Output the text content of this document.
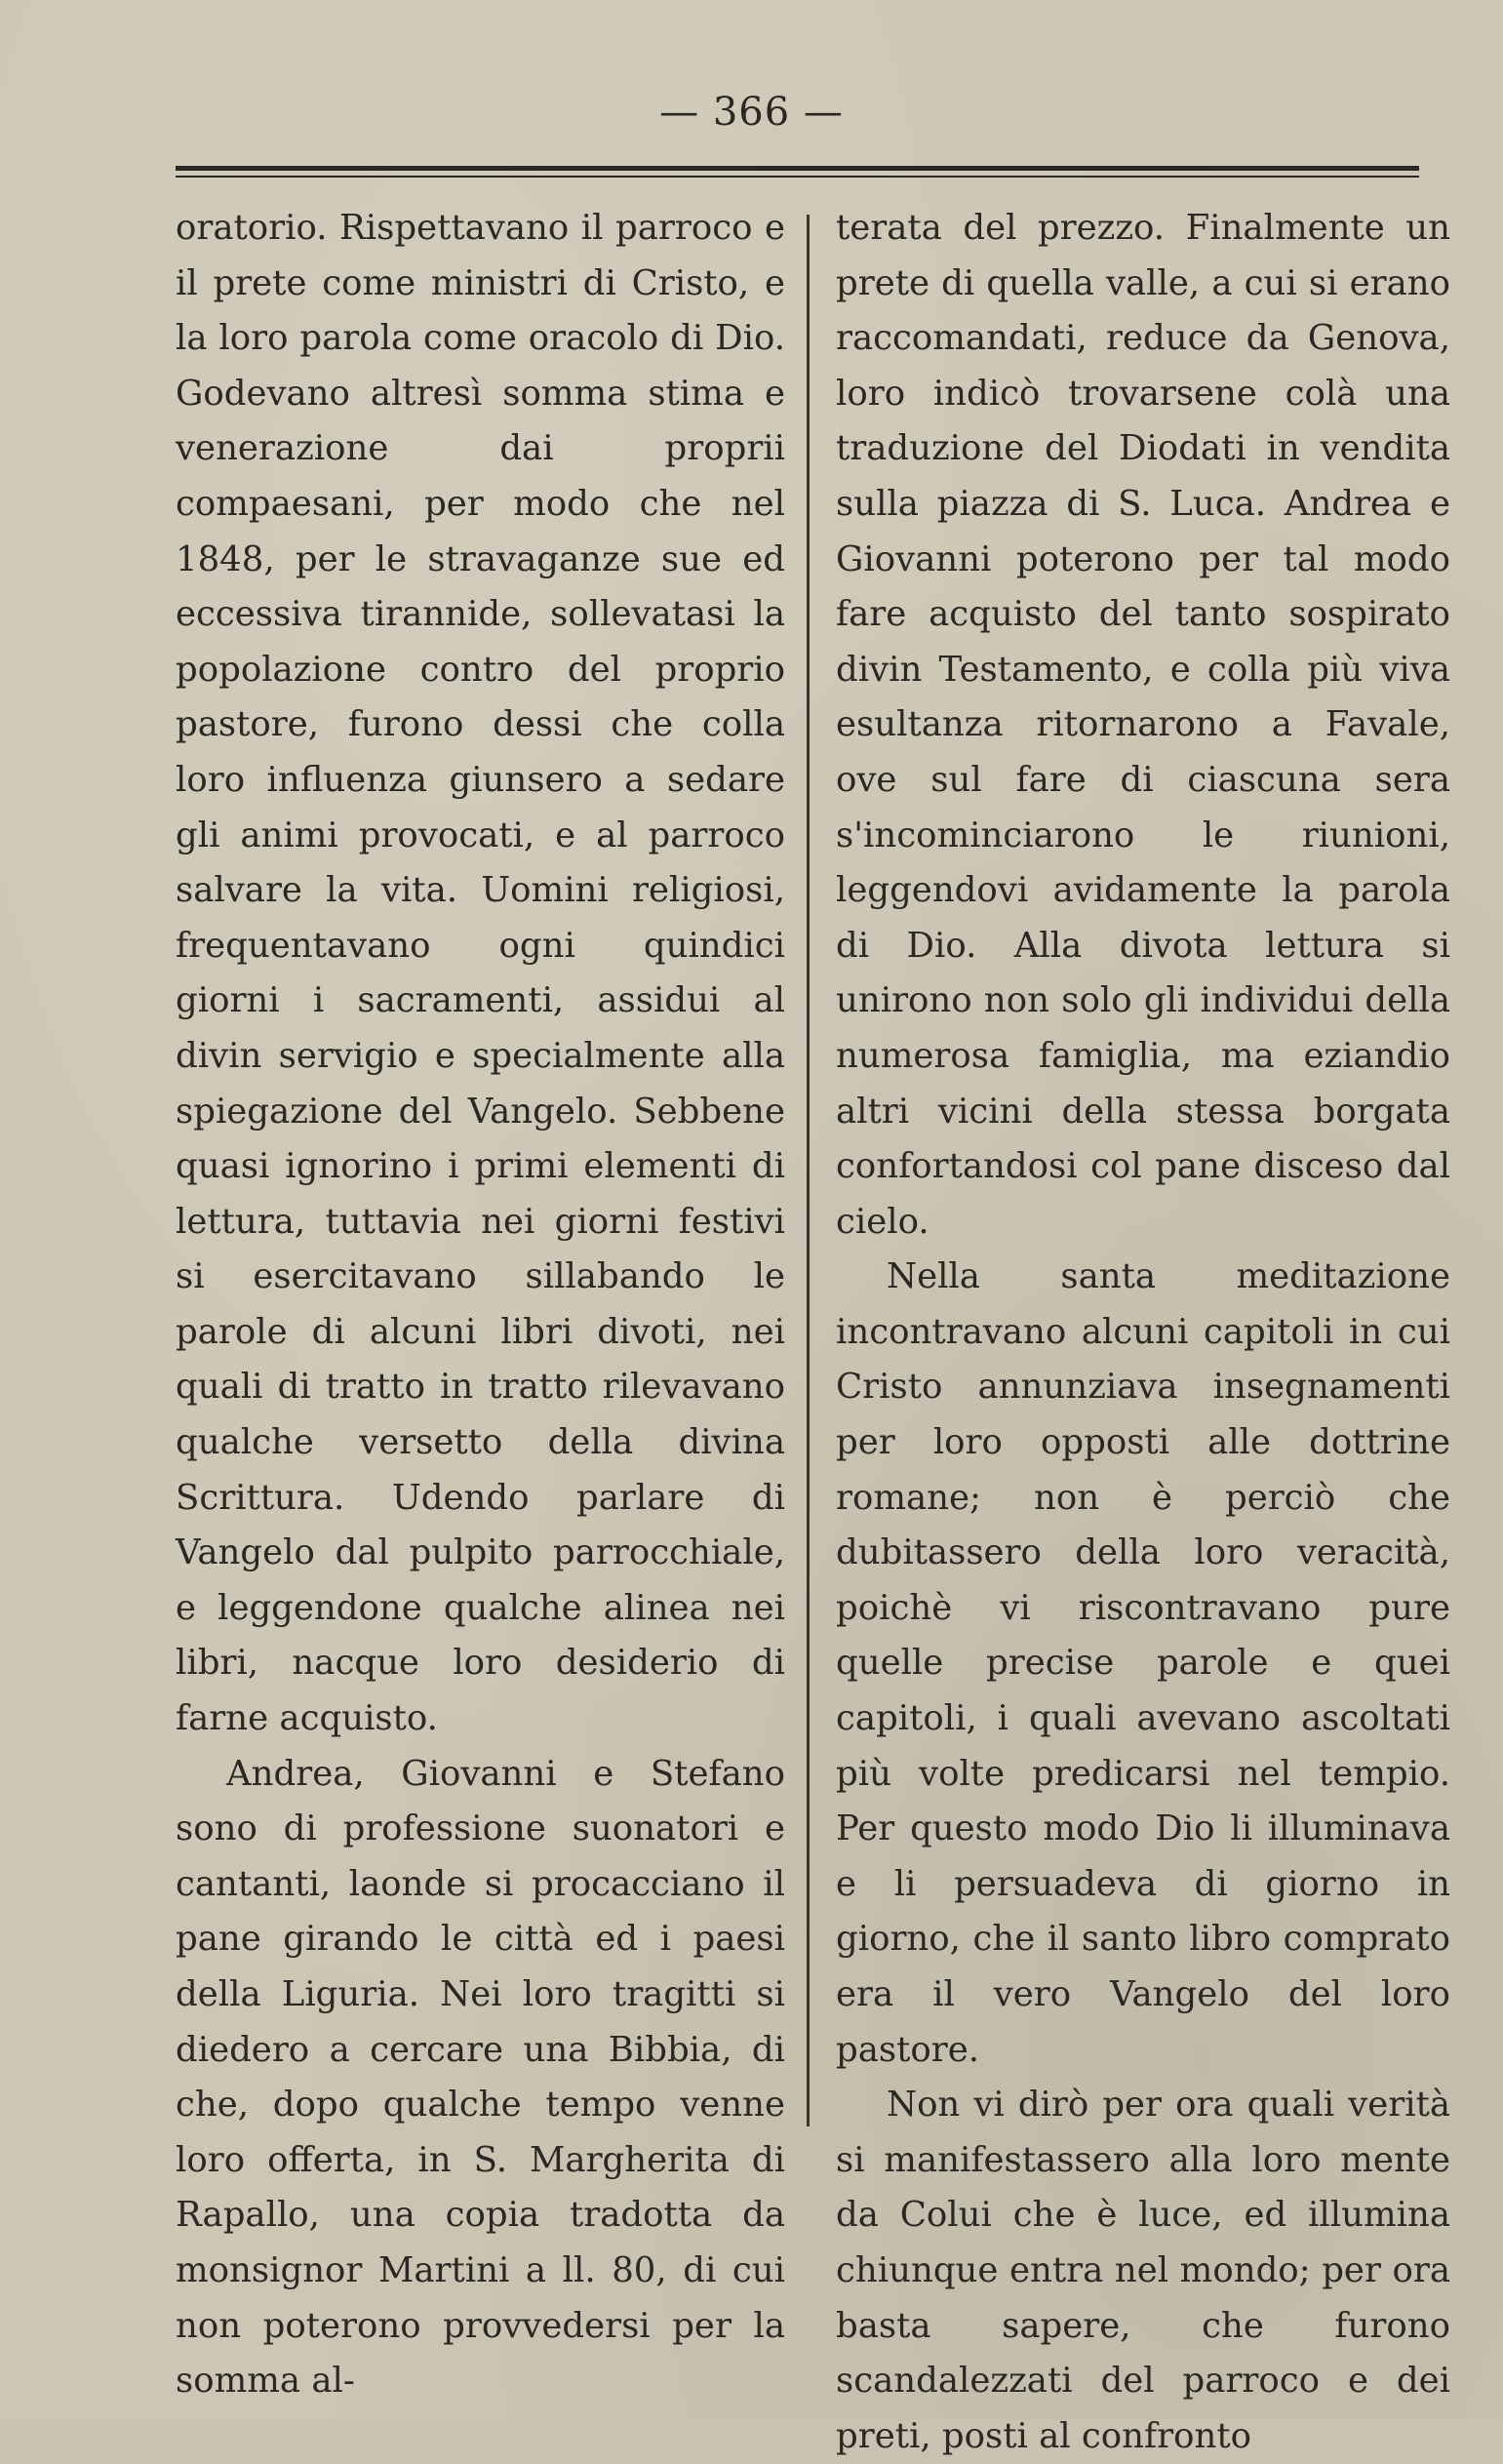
— 366 —

oratorio. Rispettavano il parroco e il prete come ministri di Cristo, e la loro parola come oracolo di Dio. Godevano altresì somma stima e venerazione dai proprii compaesani, per modo che nel 1848, per le stravaganze sue ed eccessiva tirannide, sollevatasi la popolazione contro del proprio pastore, furono dessi che colla loro influenza giunsero a sedare gli animi provocati, e al parroco salvare la vita. Uomini religiosi, frequentavano ogni quindici giorni i sacramenti, assidui al divin servigio e specialmente alla spiegazione del Vangelo. Sebbene quasi ignorino i primi elementi di lettura, tuttavia nei giorni festivi si esercitavano sillabando le parole di alcuni libri divoti, nei quali di tratto in tratto rilevavano qualche versetto della divina Scrittura. Udendo parlare di Vangelo dal pulpito parrocchiale, e leggendone qualche alinea nei libri, nacque loro desiderio di farne acquisto.

Andrea, Giovanni e Stefano sono di professione suonatori e cantanti, laonde si procacciano il pane girando le città ed i paesi della Liguria. Nei loro tragitti si diedero a cercare una Bibbia, di che, dopo qualche tempo venne loro offerta, in S. Margherita di Rapallo, una copia tradotta da monsignor Martini a ll. 80, di cui non poterono provvedersi per la somma al-

terata del prezzo. Finalmente un prete di quella valle, a cui si erano raccomandati, reduce da Genova, loro indicò trovarsene colà una traduzione del Diodati in vendita sulla piazza di S. Luca. Andrea e Giovanni poterono per tal modo fare acquisto del tanto sospirato divin Testamento, e colla più viva esultanza ritornarono a Favale, ove sul fare di ciascuna sera s'incominciarono le riunioni, leggendovi avidamente la parola di Dio. Alla divota lettura si unirono non solo gli individui della numerosa famiglia, ma eziandio altri vicini della stessa borgata confortandosi col pane disceso dal cielo.

Nella santa meditazione incontravano alcuni capitoli in cui Cristo annunziava insegnamenti per loro opposti alle dottrine romane; non è perciò che dubitassero della loro veracità, poichè vi riscontravano pure quelle precise parole e quei capitoli, i quali avevano ascoltati più volte predicarsi nel tempio. Per questo modo Dio li illuminava e li persuadeva di giorno in giorno, che il santo libro comprato era il vero Vangelo del loro pastore.

Non vi dirò per ora quali verità si manifestassero alla loro mente da Colui che è luce, ed illumina chiunque entra nel mondo; per ora basta sapere, che furono scandalezzati del parroco e dei preti, posti al confronto
